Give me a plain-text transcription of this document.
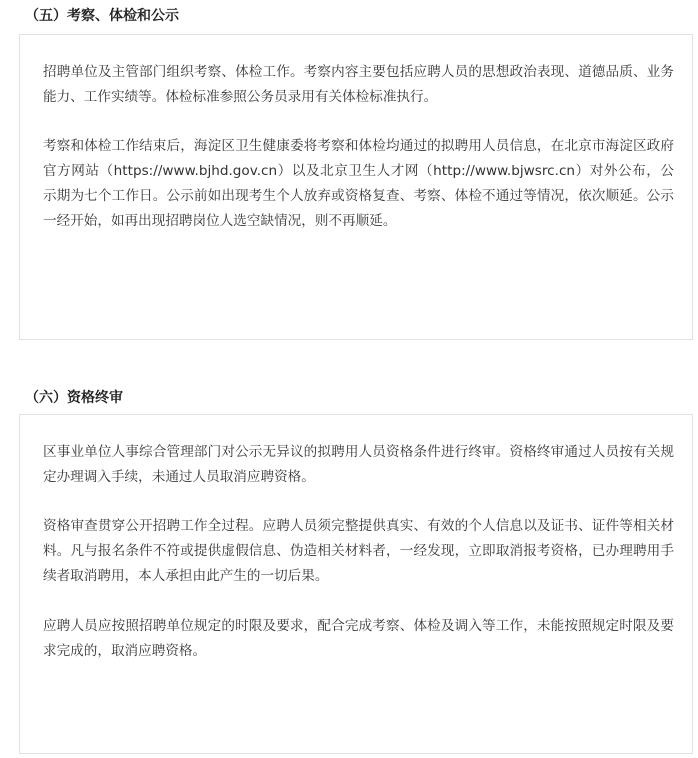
（五）考察、体检和公示

招聘单位及主管部门组织考察、体检工作。考察内容主要包括应聘人员的思想政治表现、道德品质、业务能力、工作实绩等。体检标准参照公务员录用有关体检标准执行。

考察和体检工作结束后，海淀区卫生健康委将考察和体检均通过的拟聘用人员信息，在北京市海淀区政府官方网站（https://www.bjhd.gov.cn）以及北京卫生人才网（http://www.bjwsrc.cn）对外公布，公示期为七个工作日。公示前如出现考生个人放弃或资格复查、考察、体检不通过等情况，依次顺延。公示一经开始，如再出现招聘岗位人选空缺情况，则不再顺延。

（六）资格终审

区事业单位人事综合管理部门对公示无异议的拟聘用人员资格条件进行终审。资格终审通过人员按有关规定办理调入手续，未通过人员取消应聘资格。

资格审查贯穿公开招聘工作全过程。应聘人员须完整提供真实、有效的个人信息以及证书、证件等相关材料。凡与报名条件不符或提供虚假信息、伪造相关材料者，一经发现，立即取消报考资格，已办理聘用手续者取消聘用，本人承担由此产生的一切后果。

应聘人员应按照招聘单位规定的时限及要求，配合完成考察、体检及调入等工作，未能按照规定时限及要求完成的，取消应聘资格。
